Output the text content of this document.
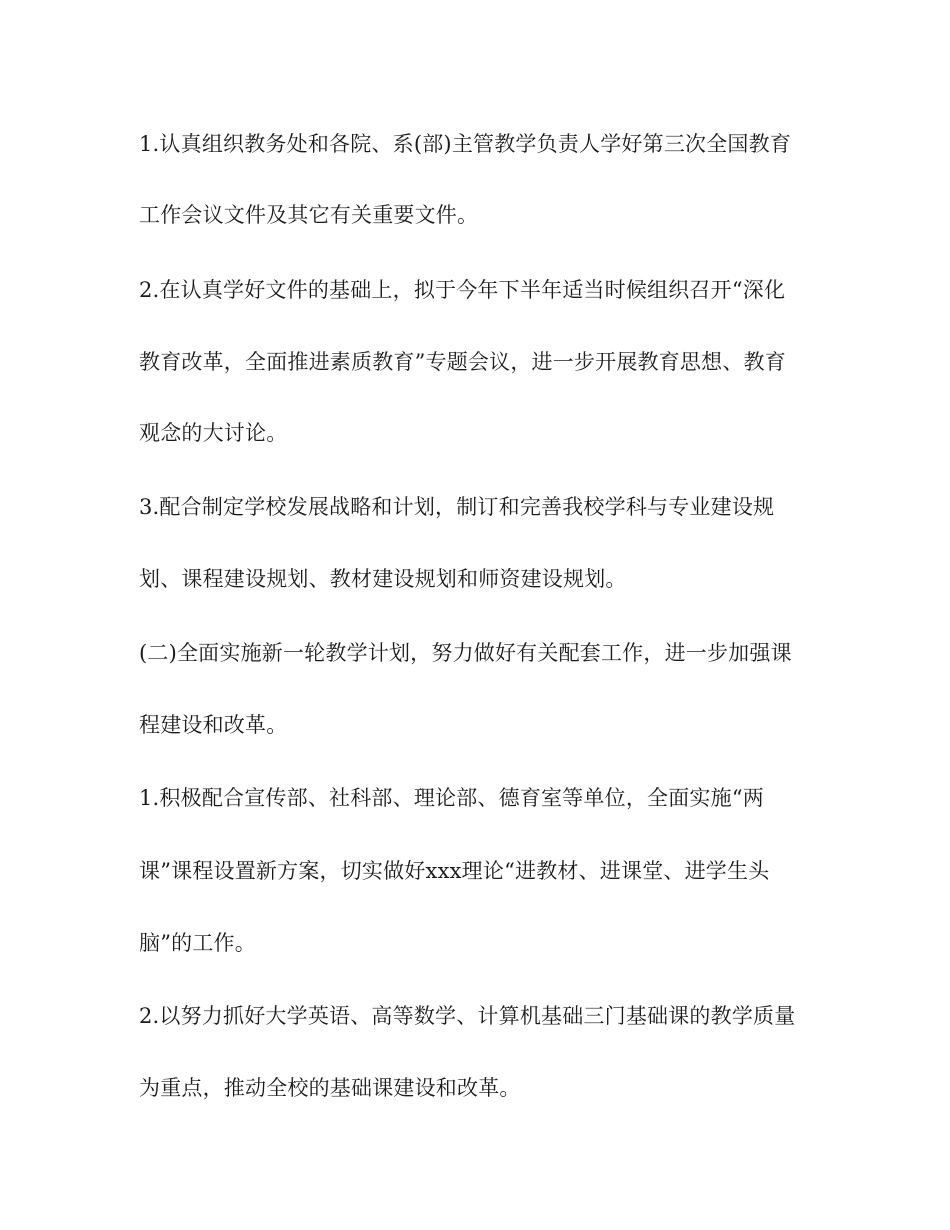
1.认真组织教务处和各院、系(部)主管教学负责人学好第三次全国教育
工作会议文件及其它有关重要文件。
2.在认真学好文件的基础上，拟于今年下半年适当时候组织召开“深化
教育改革，全面推进素质教育”专题会议，进一步开展教育思想、教育
观念的大讨论。
3.配合制定学校发展战略和计划，制订和完善我校学科与专业建设规
划、课程建设规划、教材建设规划和师资建设规划。
(二)全面实施新一轮教学计划，努力做好有关配套工作，进一步加强课
程建设和改革。
1.积极配合宣传部、社科部、理论部、德育室等单位，全面实施“两
课”课程设置新方案，切实做好xxx理论“进教材、进课堂、进学生头
脑”的工作。
2.以努力抓好大学英语、高等数学、计算机基础三门基础课的教学质量
为重点，推动全校的基础课建设和改革。
